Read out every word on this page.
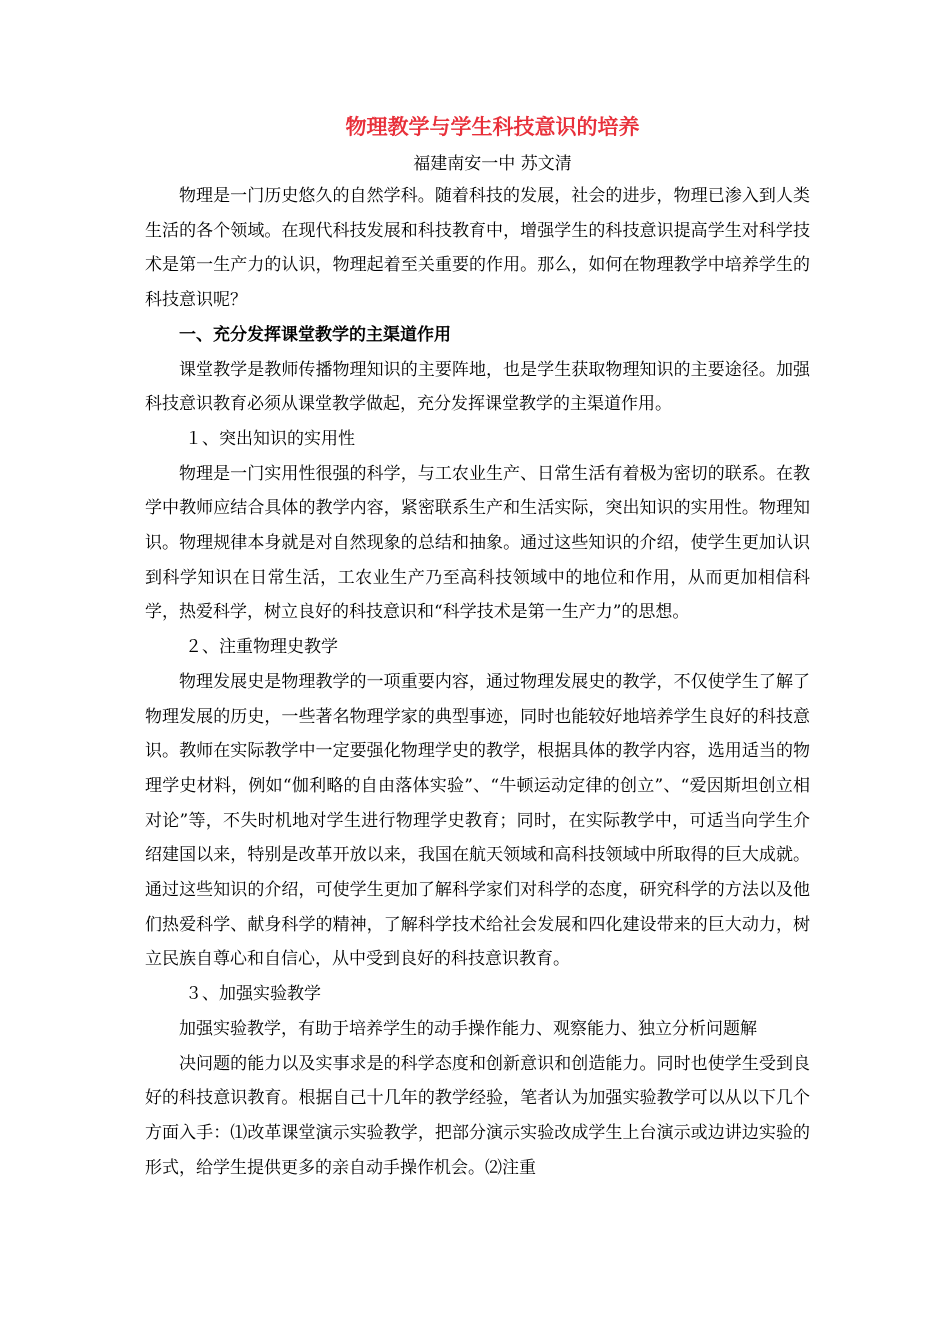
物理教学与学生科技意识的培养
福建南安一中 苏文清

物理是一门历史悠久的自然学科。随着科技的发展，社会的进步，物理已渗入到人类生活的各个领域。在现代科技发展和科技教育中，增强学生的科技意识提高学生对科学技术是第一生产力的认识，物理起着至关重要的作用。那么，如何在物理教学中培养学生的科技意识呢？

一、充分发挥课堂教学的主渠道作用

课堂教学是教师传播物理知识的主要阵地，也是学生获取物理知识的主要途径。加强科技意识教育必须从课堂教学做起，充分发挥课堂教学的主渠道作用。

１、突出知识的实用性

物理是一门实用性很强的科学，与工农业生产、日常生活有着极为密切的联系。在教学中教师应结合具体的教学内容，紧密联系生产和生活实际，突出知识的实用性。物理知识。物理规律本身就是对自然现象的总结和抽象。通过这些知识的介绍，使学生更加认识到科学知识在日常生活，工农业生产乃至高科技领域中的地位和作用，从而更加相信科学，热爱科学，树立良好的科技意识和“科学技术是第一生产力”的思想。

２、注重物理史教学

物理发展史是物理教学的一项重要内容，通过物理发展史的教学，不仅使学生了解了物理发展的历史，一些著名物理学家的典型事迹，同时也能较好地培养学生良好的科技意识。教师在实际教学中一定要强化物理学史的教学，根据具体的教学内容，选用适当的物理学史材料，例如“伽利略的自由落体实验”、“牛顿运动定律的创立”、“爱因斯坦创立相对论”等，不失时机地对学生进行物理学史教育；同时，在实际教学中，可适当向学生介绍建国以来，特别是改革开放以来，我国在航天领域和高科技领域中所取得的巨大成就。通过这些知识的介绍，可使学生更加了解科学家们对科学的态度，研究科学的方法以及他们热爱科学、献身科学的精神，了解科学技术给社会发展和四化建设带来的巨大动力，树立民族自尊心和自信心，从中受到良好的科技意识教育。

３、加强实验教学

加强实验教学，有助于培养学生的动手操作能力、观察能力、独立分析问题解

决问题的能力以及实事求是的科学态度和创新意识和创造能力。同时也使学生受到良好的科技意识教育。根据自己十几年的教学经验，笔者认为加强实验教学可以从以下几个方面入手：⑴改革课堂演示实验教学，把部分演示实验改成学生上台演示或边讲边实验的形式，给学生提供更多的亲自动手操作机会。⑵注重
